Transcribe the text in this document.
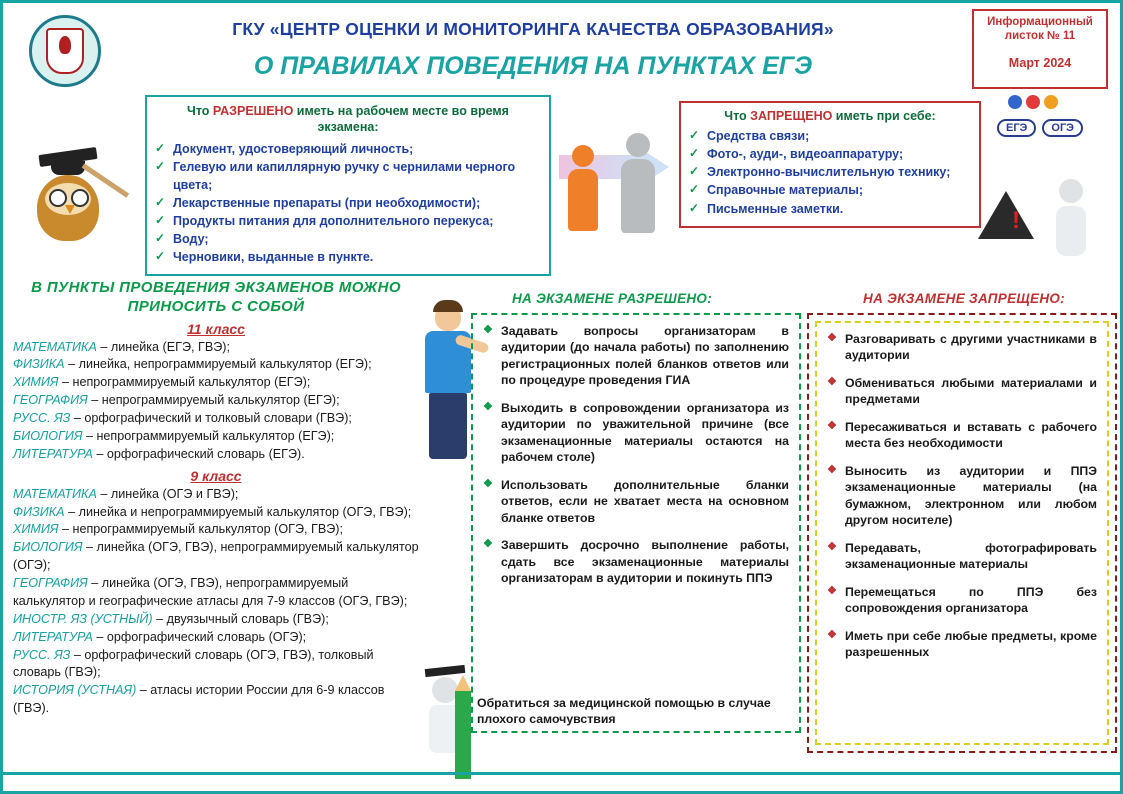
ГКУ «ЦЕНТР ОЦЕНКИ И МОНИТОРИНГА КАЧЕСТВА ОБРАЗОВАНИЯ»
О ПРАВИЛАХ ПОВЕДЕНИЯ НА ПУНКТАХ ЕГЭ
Информационный листок № 11
Март 2024
ЕГЭ	ОГЭ
Что РАЗРЕШЕНО иметь на рабочем месте во время экзамена:
✓ Документ, удостоверяющий личность;
✓ Гелевую или капиллярную ручку с чернилами черного цвета;
✓ Лекарственные препараты (при необходимости);
✓ Продукты питания для дополнительного перекуса;
✓ Воду;
✓ Черновики, выданные в пункте.
Что ЗАПРЕЩЕНО иметь при себе:
✓ Средства связи;
✓ Фото-, ауди-, видеоаппаратуру;
✓ Электронно-вычислительную технику;
✓ Справочные материалы;
✓ Письменные заметки.	!
В ПУНКТЫ ПРОВЕДЕНИЯ ЭКЗАМЕНОВ МОЖНО ПРИНОСИТЬ С СОБОЙ
11 класс
МАТЕМАТИКА – линейка (ЕГЭ, ГВЭ);
ФИЗИКА – линейка, непрограммируемый калькулятор (ЕГЭ);
ХИМИЯ – непрограммируемый калькулятор (ЕГЭ);
ГЕОГРАФИЯ – непрограммируемый калькулятор (ЕГЭ);
РУСС. ЯЗ – орфографический и толковый словари (ГВЭ);
БИОЛОГИЯ – непрограммируемый калькулятор (ЕГЭ);
ЛИТЕРАТУРА – орфографический словарь (ЕГЭ).
9 класс
МАТЕМАТИКА – линейка (ОГЭ и ГВЭ);
ФИЗИКА – линейка и непрограммируемый калькулятор (ОГЭ, ГВЭ);
ХИМИЯ – непрограммируемый калькулятор (ОГЭ, ГВЭ);
БИОЛОГИЯ – линейка (ОГЭ, ГВЭ), непрограммируемый калькулятор (ОГЭ);
ГЕОГРАФИЯ – линейка (ОГЭ, ГВЭ), непрограммируемый калькулятор и географические атласы для 7-9 классов (ОГЭ, ГВЭ);
ИНОСТР. ЯЗ (УСТНЫЙ) – двуязычный словарь (ГВЭ);
ЛИТЕРАТУРА – орфографический словарь (ОГЭ);
РУСС. ЯЗ – орфографический словарь (ОГЭ, ГВЭ), толковый словарь (ГВЭ);
ИСТОРИЯ (УСТНАЯ) – атласы истории России для 6-9 классов (ГВЭ).
НА ЭКЗАМЕНЕ РАЗРЕШЕНО:
❖ Задавать вопросы организаторам в аудитории (до начала работы) по заполнению регистрационных полей бланков ответов или по процедуре проведения ГИА
❖ Выходить в сопровождении организатора из аудитории по уважительной причине (все экзаменационные материалы остаются на рабочем столе)
❖ Использовать дополнительные бланки ответов, если не хватает места на основном бланке ответов
❖ Завершить досрочно выполнение работы, сдать все экзаменационные материалы организаторам в аудитории и покинуть ППЭ
Обратиться за медицинской помощью в случае плохого самочувствия
НА ЭКЗАМЕНЕ ЗАПРЕЩЕНО:
❖ Разговаривать с другими участниками в аудитории
❖ Обмениваться любыми материалами и предметами
❖ Пересаживаться и вставать с рабочего места без необходимости
❖ Выносить из аудитории и ППЭ экзаменационные материалы (на бумажном, электронном или любом другом носителе)
❖ Передавать, фотографировать экзаменационные материалы
❖ Перемещаться по ППЭ без сопровождения организатора
❖ Иметь при себе любые предметы, кроме разрешенных
